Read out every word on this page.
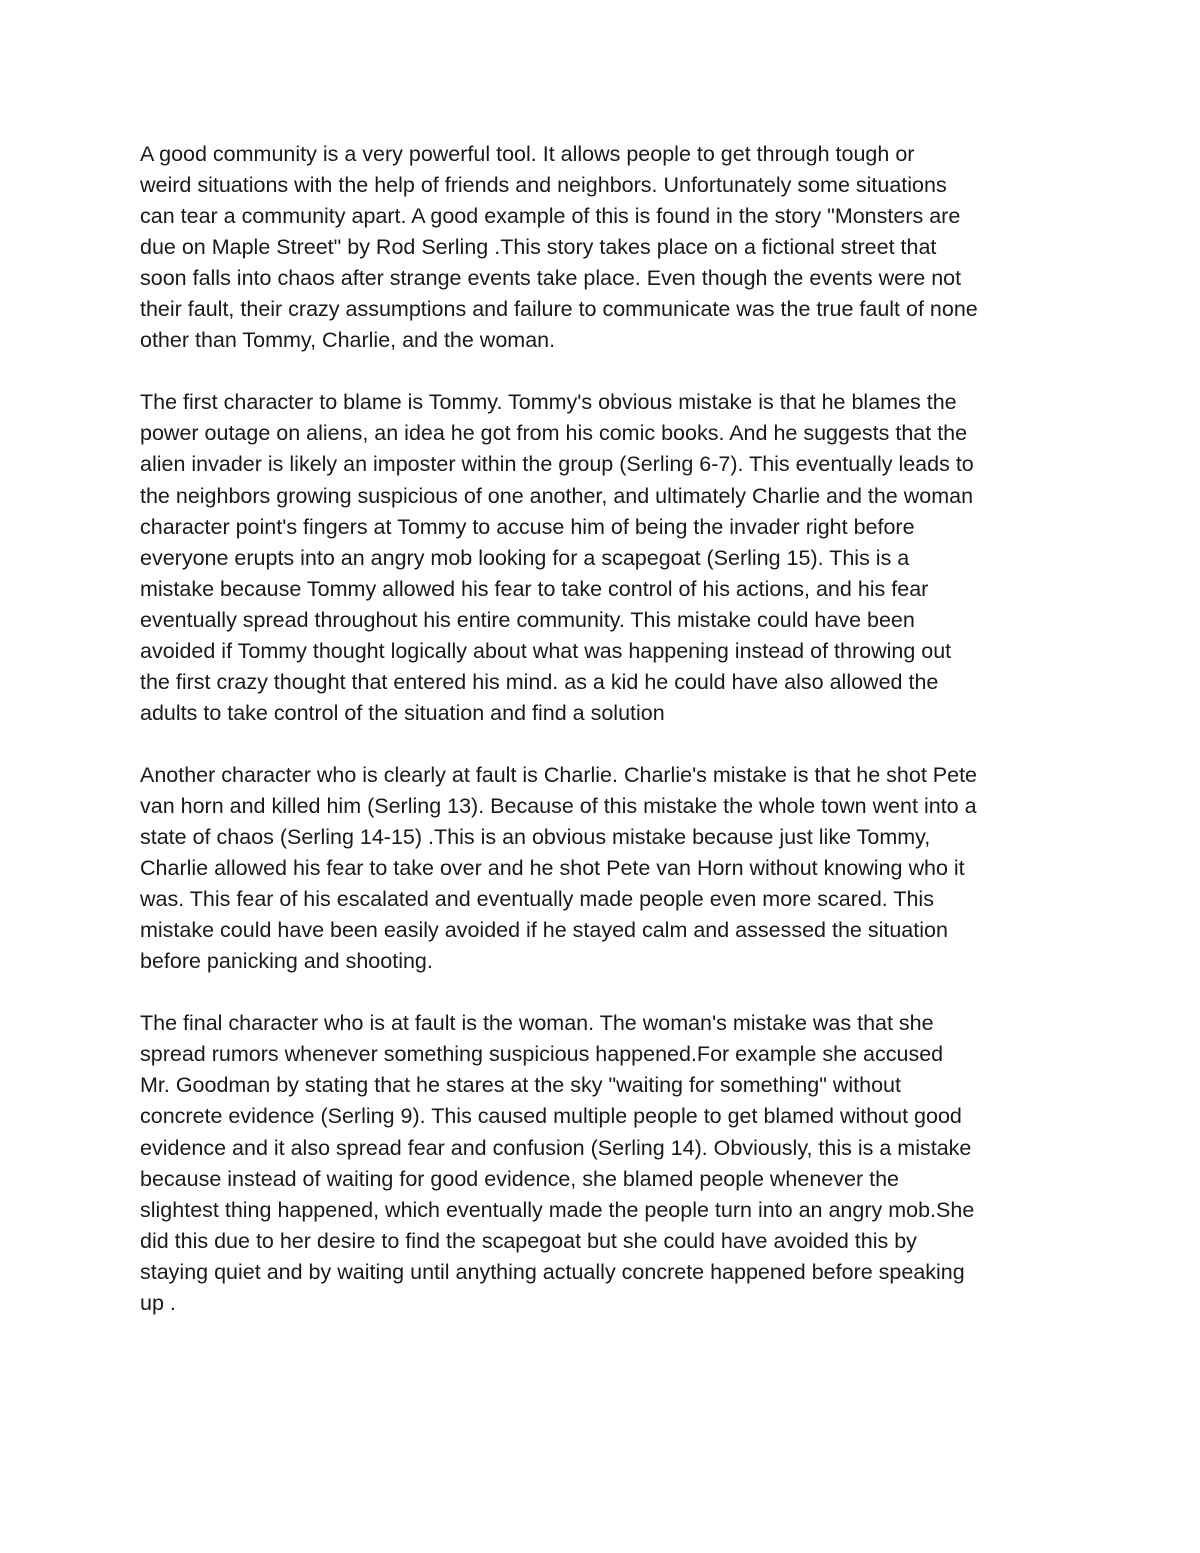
A good community is a very powerful tool. It allows people to get through tough or
weird situations with the help of friends and neighbors. Unfortunately some situations
can tear a community apart. A good example of this is found in the story "Monsters are
due on Maple Street" by Rod Serling .This story takes place on a fictional street that
soon falls into chaos after strange events take place. Even though the events were not
their fault, their crazy assumptions and failure to communicate was the true fault of none
other than Tommy, Charlie, and the woman.

The first character to blame is Tommy. Tommy's obvious mistake is that he blames the
power outage on aliens, an idea he got from his comic books. And he suggests that the
alien invader is likely an imposter within the group (Serling 6-7). This eventually leads to
the neighbors growing suspicious of one another, and ultimately Charlie and the woman
character point's fingers at Tommy to accuse him of being the invader right before
everyone erupts into an angry mob looking for a scapegoat (Serling 15). This is a
mistake because Tommy allowed his fear to take control of his actions, and his fear
eventually spread throughout his entire community. This mistake could have been
avoided if Tommy thought logically about what was happening instead of throwing out
the first crazy thought that entered his mind. as a kid he could have also allowed the
adults to take control of the situation and find a solution

Another character who is clearly at fault is Charlie. Charlie's mistake is that he shot Pete
van horn and killed him (Serling 13). Because of this mistake the whole town went into a
state of chaos (Serling 14-15) .This is an obvious mistake because just like Tommy,
Charlie allowed his fear to take over and he shot Pete van Horn without knowing who it
was. This fear of his escalated and eventually made people even more scared. This
mistake could have been easily avoided if he stayed calm and assessed the situation
before panicking and shooting.

The final character who is at fault is the woman. The woman's mistake was that she
spread rumors whenever something suspicious happened.For example she accused
Mr. Goodman by stating that he stares at the sky "waiting for something" without
concrete evidence (Serling 9). This caused multiple people to get blamed without good
evidence and it also spread fear and confusion (Serling 14). Obviously, this is a mistake
because instead of waiting for good evidence, she blamed people whenever the
slightest thing happened, which eventually made the people turn into an angry mob.She
did this due to her desire to find the scapegoat but she could have avoided this by
staying quiet and by waiting until anything actually concrete happened before speaking
up .
